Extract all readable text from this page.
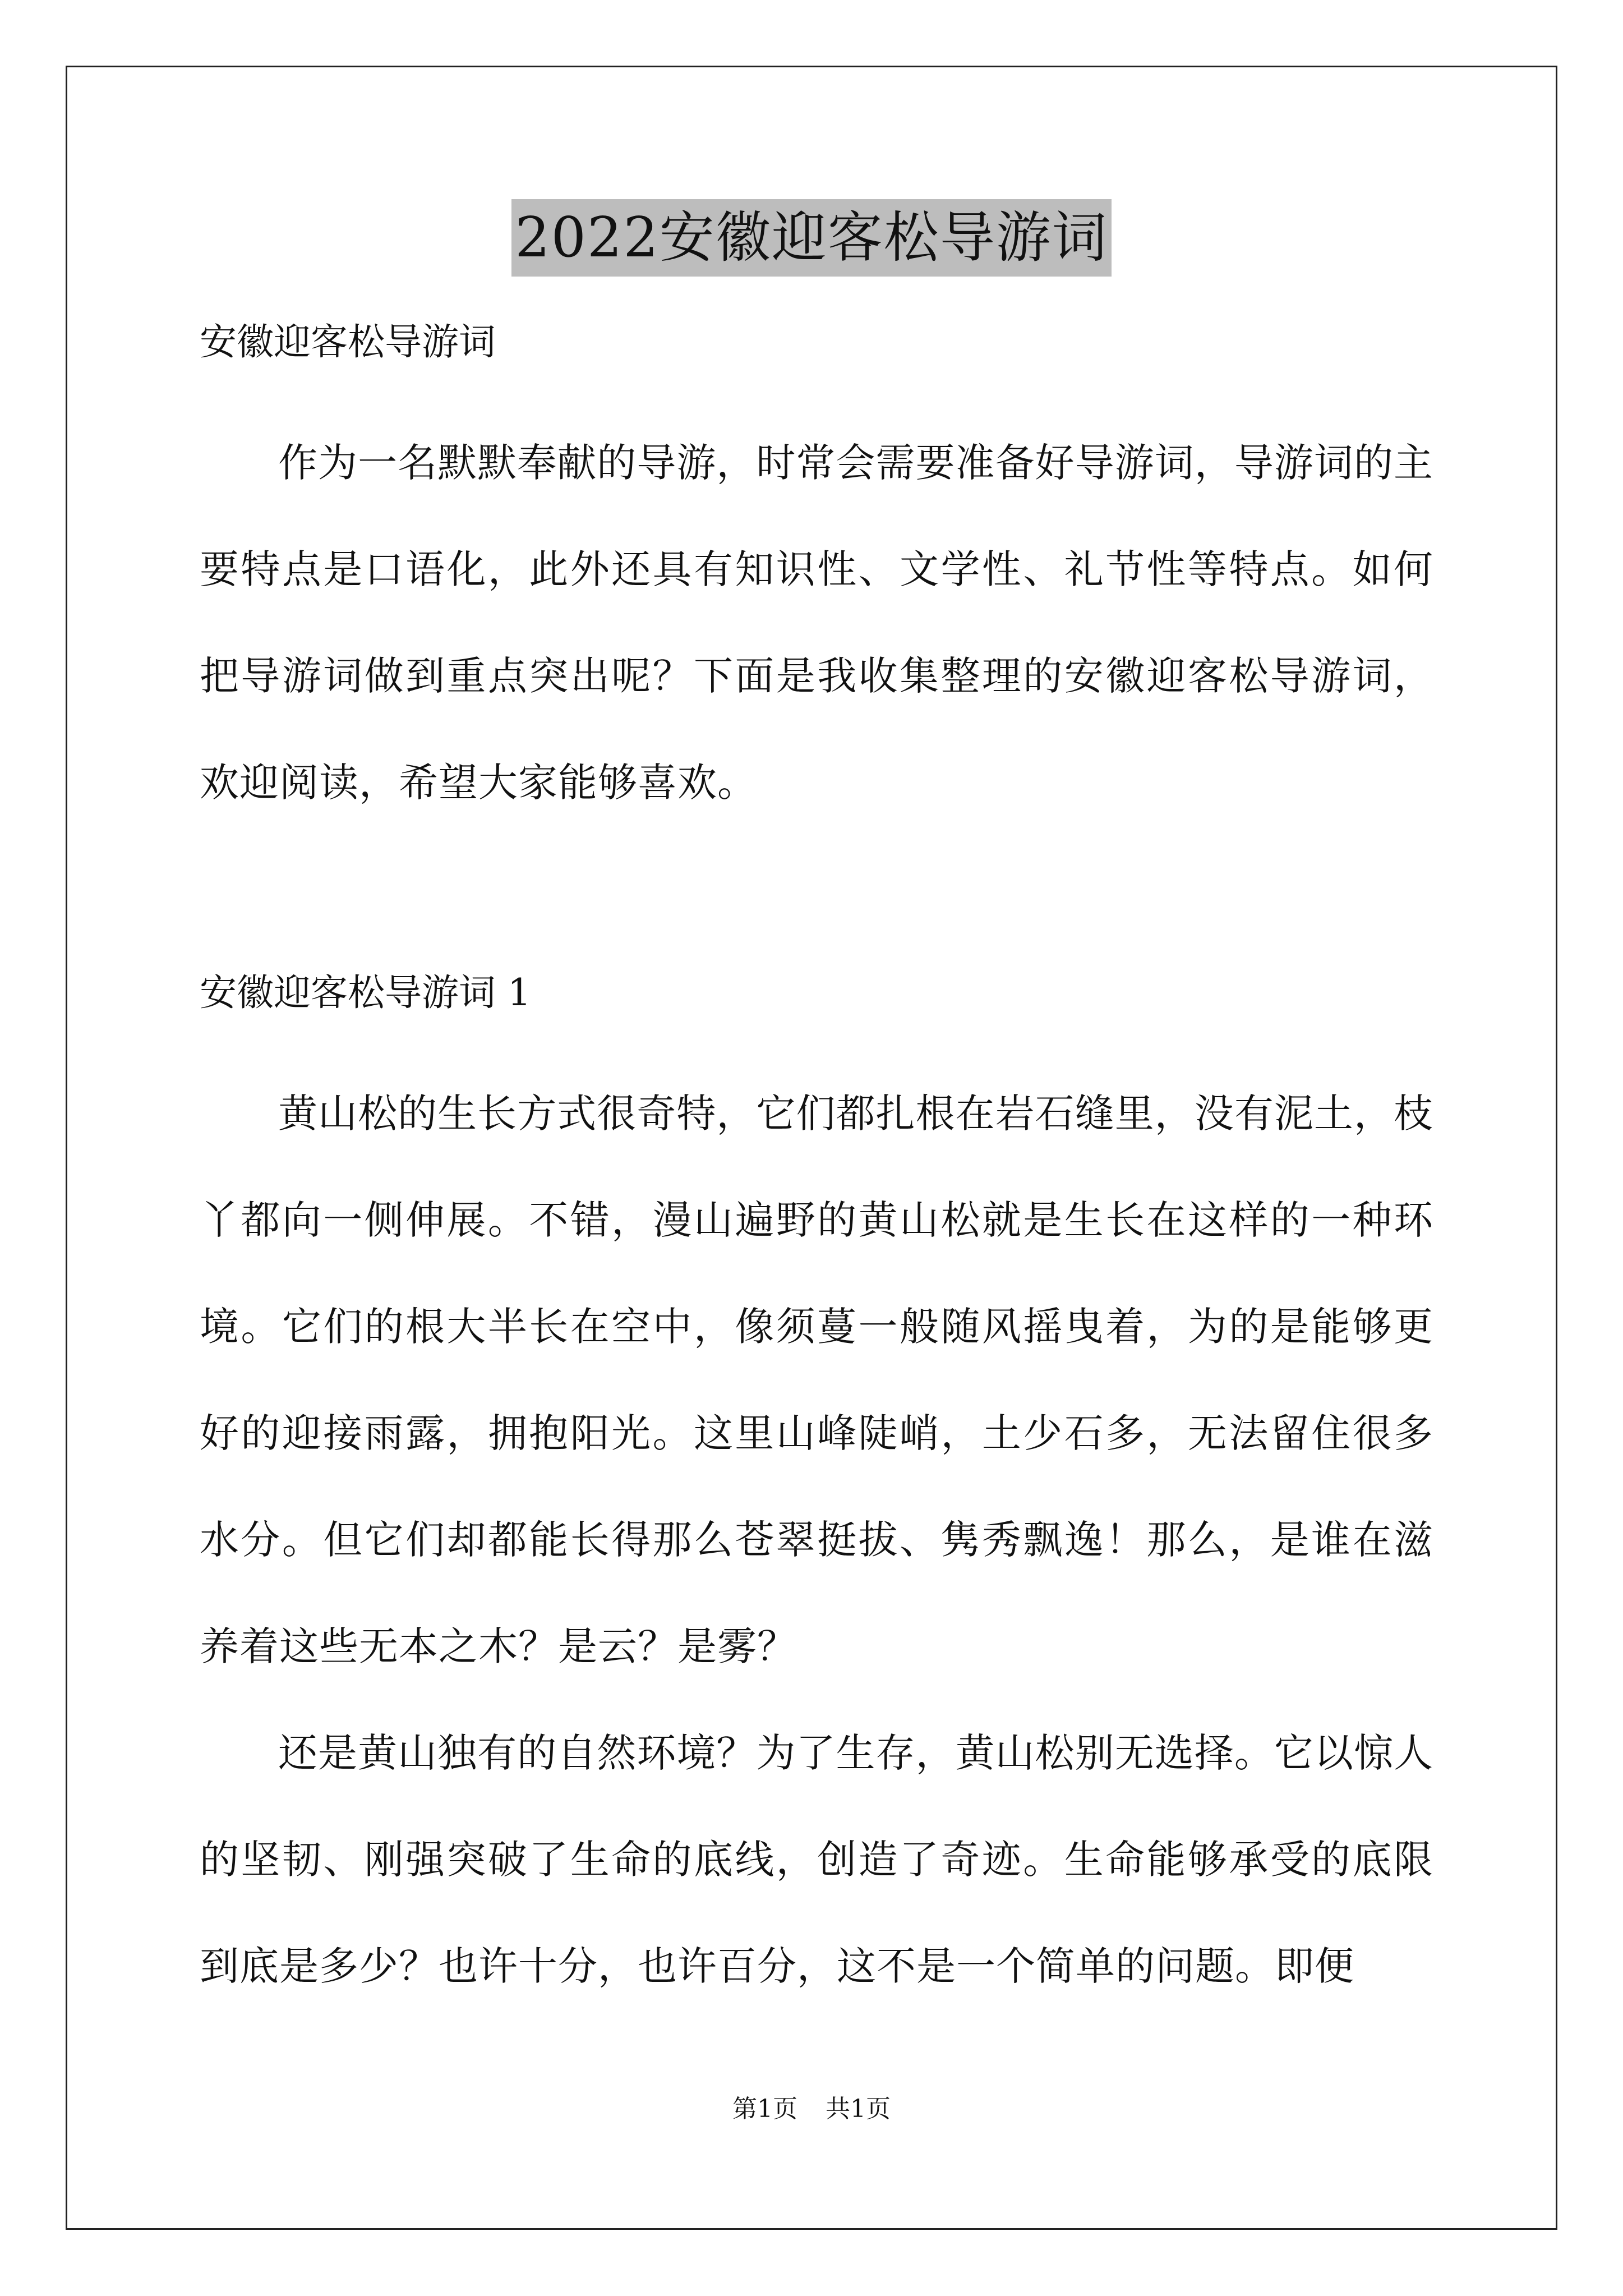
2022安徽迎客松导游词

安徽迎客松导游词

作为一名默默奉献的导游，时常会需要准备好导游词，导游词的主要特点是口语化，此外还具有知识性、文学性、礼节性等特点。如何把导游词做到重点突出呢？下面是我收集整理的安徽迎客松导游词，欢迎阅读，希望大家能够喜欢。

安徽迎客松导游词 1

黄山松的生长方式很奇特，它们都扎根在岩石缝里，没有泥土，枝丫都向一侧伸展。不错，漫山遍野的黄山松就是生长在这样的一种环境。它们的根大半长在空中，像须蔓一般随风摇曳着，为的是能够更好的迎接雨露，拥抱阳光。这里山峰陡峭，土少石多，无法留住很多水分。但它们却都能长得那么苍翠挺拔、隽秀飘逸！那么，是谁在滋养着这些无本之木？是云？是雾？

还是黄山独有的自然环境？为了生存，黄山松别无选择。它以惊人的坚韧、刚强突破了生命的底线，创造了奇迹。生命能够承受的底限到底是多少？也许十分，也许百分，这不是一个简单的问题。即便

第1页 共1页
